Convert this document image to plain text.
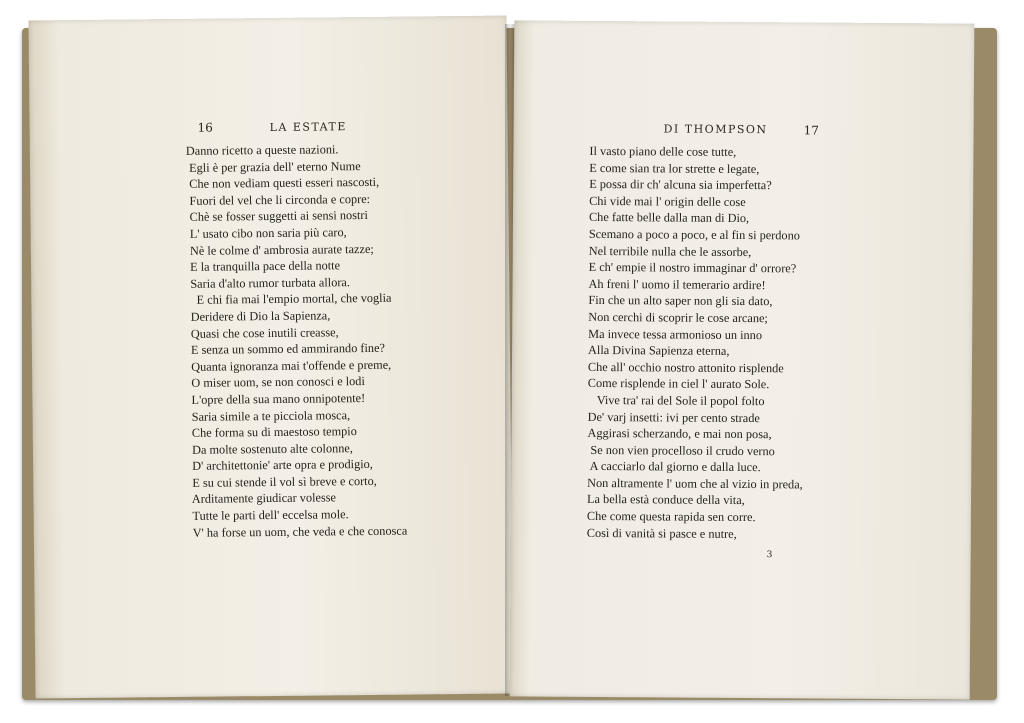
16	LA ESTATE
Danno ricetto a queste nazioni.
Egli è per grazia dell' eterno Nume
Che non vediam questi esseri nascosti,
Fuori del vel che li circonda e copre:
Chè se fosser suggetti ai sensi nostri
L' usato cibo non saria più caro,
Nè le colme d' ambrosia aurate tazze;
E la tranquilla pace della notte
Saria d'alto rumor turbata allora.
E chi fia mai l'empio mortal, che voglia
Deridere di Dio la Sapienza,
Quasi che cose inutili creasse,
E senza un sommo ed ammirando fine?
Quanta ignoranza mai t'offende e preme,
O miser uom, se non conosci e lodi
L'opre della sua mano onnipotente!
Saria simile a te picciola mosca,
Che forma su di maestoso tempio
Da molte sostenuto alte colonne,
D' architettonie' arte opra e prodigio,
E su cui stende il vol sì breve e corto,
Arditamente giudicar volesse
Tutte le parti dell' eccelsa mole.
V' ha forse un uom, che veda e che conosca
DI THOMPSON	17
Il vasto piano delle cose tutte,
E come sian tra lor strette e legate,
E possa dir ch' alcuna sia imperfetta?
Chi vide mai l' origin delle cose
Che fatte belle dalla man di Dio,
Scemano a poco a poco, e al fin si perdono
Nel terribile nulla che le assorbe,
E ch' empie il nostro immaginar d' orrore?
Ah freni l' uomo il temerario ardire!
Fin che un alto saper non gli sia dato,
Non cerchi di scoprir le cose arcane;
Ma invece tessa armonioso un inno
Alla Divina Sapienza eterna,
Che all' occhio nostro attonito risplende
Come risplende in ciel l' aurato Sole.
Vive tra' rai del Sole il popol folto
De' varj insetti: ivi per cento strade
Aggirasi scherzando, e mai non posa,
Se non vien procelloso il crudo verno
A cacciarlo dal giorno e dalla luce.
Non altramente l' uom che al vizio in preda,
La bella està conduce della vita,
Che come questa rapida sen corre.
Così di vanità si pasce e nutre,
3
